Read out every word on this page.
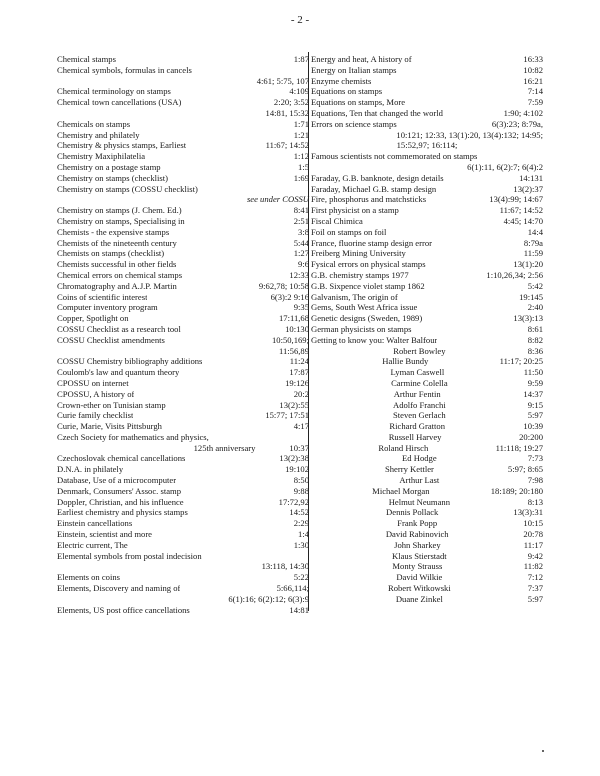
- 2 -
Chemical stamps	1:87
Chemical symbols, formulas in cancels
4:61; 5:75, 107
Chemical terminology on stamps	4:109
Chemical town cancellations (USA)	2:20; 3:52
14:81, 15:32
Chemicals on stamps	1:71
Chemistry and philately	1:21
Chemistry & physics stamps, Earliest	11:67; 14:52
Chemistry Maxiphilatelia	1:12
Chemistry on a postage stamp	1:5
Chemistry on stamps (checklist)	1:69
Chemistry on stamps (COSSU checklist)
see under COSSU
Chemistry on stamps (J. Chem. Ed.)	8:41
Chemistry on stamps, Specialising in	2:51
Chemists - the expensive stamps	3:8
Chemists of the nineteenth century	5:44
Chemists on stamps (checklist)	1:27
Chemists successful in other fields	9:6
Chemical errors on chemical stamps	12:33
Chromatography and A.J.P. Martin	9:62,78; 10:58
Coins of scientific interest	6(3):2 9:16
Computer inventory program	9:35
Copper, Spotlight on	17:11,68
COSSU Checklist as a research tool	10:130
COSSU Checklist amendments	10:50,169;
11:56,89
COSSU Chemistry bibliography additions	11:24
Coulomb's law and quantum theory	17:87
CPOSSU on internet	19:126
CPOSSU, A history of	20:2
Crown-ether on Tunisian stamp	13(2):55
Curie family checklist	15:77; 17:51
Curie, Marie, Visits Pittsburgh	4:17
Czech Society for mathematics and physics,
125th anniversary	10:37
Czechoslovak chemical cancellations	13(2):38
D.N.A. in philately	19:102
Database, Use of a microcomputer	8:50
Denmark, Consumers' Assoc. stamp	9:88
Doppler, Christian, and his influence	17:72,92
Earliest chemistry and physics stamps	14:52
Einstein cancellations	2:29
Einstein, scientist and more	1:4
Electric current, The	1:30
Elemental symbols from postal indecision
13:118, 14:30
Elements on coins	5:22
Elements, Discovery and naming of	5:66,114;
6(1):16; 6(2):12; 6(3):9
Elements, US post office cancellations	14:81
Energy and heat, A history of	16:33
Energy on Italian stamps	10:82
Enzyme chemists	16:21
Equations on stamps	7:14
Equations on stamps, More	7:59
Equations, Ten that changed the world	1:90; 4:102
Errors on science stamps	6(3):23; 8:79a,
10:121; 12:33, 13(1):20, 13(4):132; 14:95;
15:52,97; 16:114;
Famous scientists not commemorated on stamps
6(1):11, 6(2):7; 6(4):2
Faraday, G.B. banknote, design details	14:131
Faraday, Michael G.B. stamp design	13(2):37
Fire, phosphorus and matchsticks	13(4):99; 14:67
First physicist on a stamp	11:67; 14:52
Fiscal Chimica	4:45; 14:70
Foil on stamps on foil	14:4
France, fluorine stamp design error	8:79a
Freiberg Mining University	11:59
Fysical errors on physical stamps	13(1):20
G.B. chemistry stamps 1977	1:10,26,34; 2:56
G.B. Sixpence violet stamp 1862	5:42
Galvanism, The origin of	19:145
Gems, South West Africa issue	2:40
Genetic designs (Sweden, 1989)	13(3):13
German physicists on stamps	8:61
Getting to know you: Walter Balfour	8:82
Robert Bowley	8:36
Hallie Bundy	11:17; 20:25
Lyman Caswell	11:50
Carmine Colella	9:59
Arthur Fentin	14:37
Adolfo Franchi	9:15
Steven Gerlach	5:97
Richard Gratton	10:39
Russell Harvey	20:200
Roland Hirsch	11:118; 19:27
Ed Hodge	7:73
Sherry Kettler	5:97; 8:65
Arthur Last	7:98
Michael Morgan	18:189; 20:180
Helmut Neumann	8:13
Dennis Pollack	13(3):31
Frank Popp	10:15
David Rabinovich	20:78
John Sharkey	11:17
Klaus Stierstadt	9:42
Monty Strauss	11:82
David Wilkie	7:12
Robert Witkowski	7:37
Duane Zinkel	5:97
